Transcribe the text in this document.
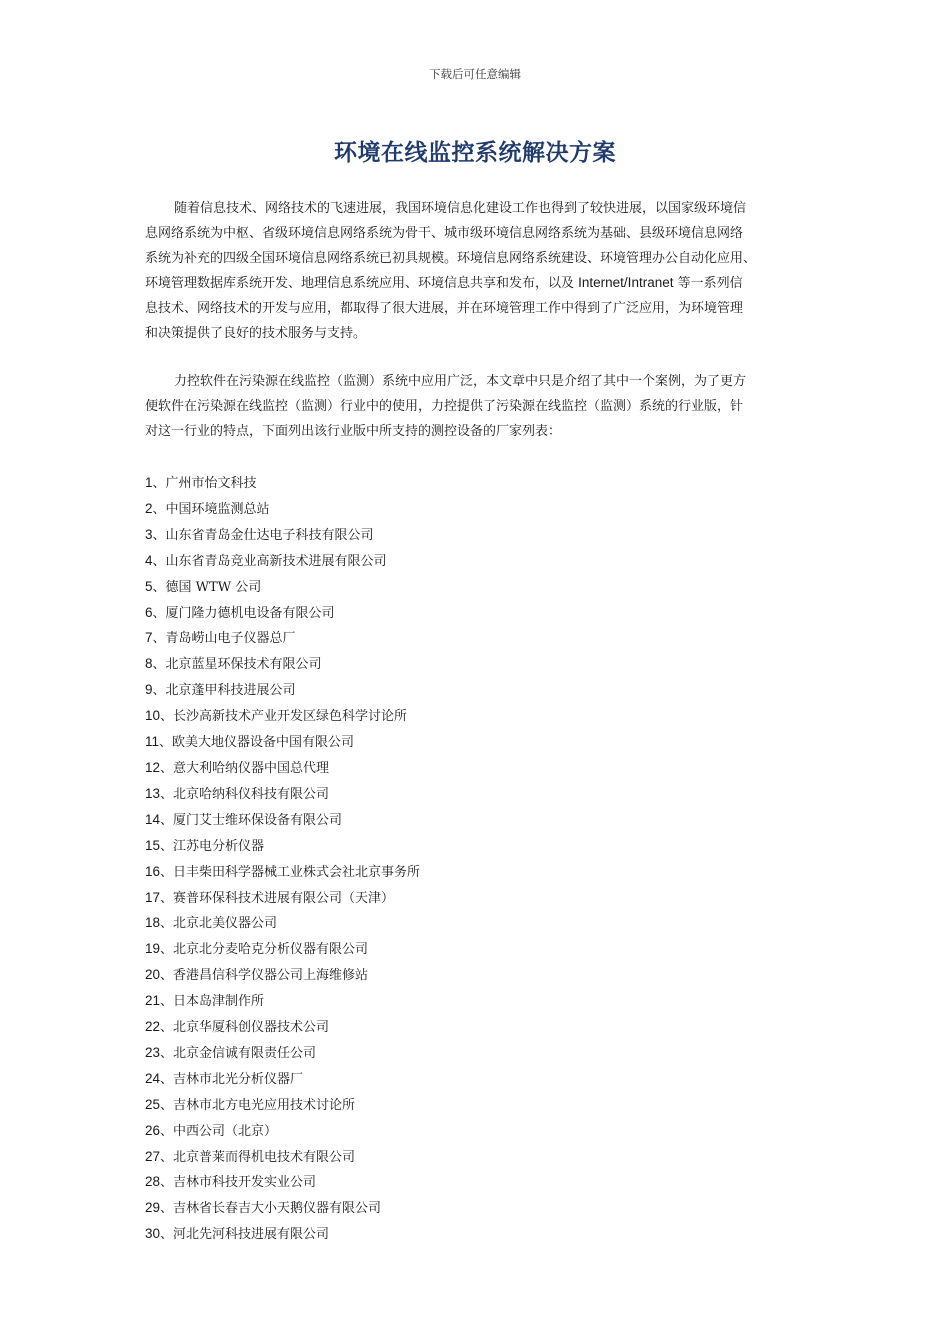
下载后可任意编辑
环境在线监控系统解决方案
随着信息技术、网络技术的飞速进展，我国环境信息化建设工作也得到了较快进展，以国家级环境信
息网络系统为中枢、省级环境信息网络系统为骨干、城市级环境信息网络系统为基础、县级环境信息网络
系统为补充的四级全国环境信息网络系统已初具规模。环境信息网络系统建设、环境管理办公自动化应用、
环境管理数据库系统开发、地理信息系统应用、环境信息共享和发布，以及 Internet/Intranet 等一系列信
息技术、网络技术的开发与应用，都取得了很大进展，并在环境管理工作中得到了广泛应用，为环境管理
和决策提供了良好的技术服务与支持。
力控软件在污染源在线监控（监测）系统中应用广泛，本文章中只是介绍了其中一个案例，为了更方
便软件在污染源在线监控（监测）行业中的使用，力控提供了污染源在线监控（监测）系统的行业版，针
对这一行业的特点，下面列出该行业版中所支持的测控设备的厂家列表：
1、广州市怡文科技
2、中国环境监测总站
3、山东省青岛金仕达电子科技有限公司
4、山东省青岛竞业高新技术进展有限公司
5、德国 WTW 公司
6、厦门隆力德机电设备有限公司
7、青岛崂山电子仪器总厂
8、北京蓝星环保技术有限公司
9、北京蓬甲科技进展公司
10、长沙高新技术产业开发区绿色科学讨论所
11、欧美大地仪器设备中国有限公司
12、意大利哈纳仪器中国总代理
13、北京哈纳科仪科技有限公司
14、厦门艾士维环保设备有限公司
15、江苏电分析仪器
16、日丰柴田科学器械工业株式会社北京事务所
17、赛普环保科技术进展有限公司（天津）
18、北京北美仪器公司
19、北京北分麦哈克分析仪器有限公司
20、香港昌信科学仪器公司上海维修站
21、日本岛津制作所
22、北京华厦科创仪器技术公司
23、北京金信诚有限责任公司
24、吉林市北光分析仪器厂
25、吉林市北方电光应用技术讨论所
26、中西公司（北京）
27、北京普莱而得机电技术有限公司
28、吉林市科技开发实业公司
29、吉林省长春吉大小天鹅仪器有限公司
30、河北先河科技进展有限公司
